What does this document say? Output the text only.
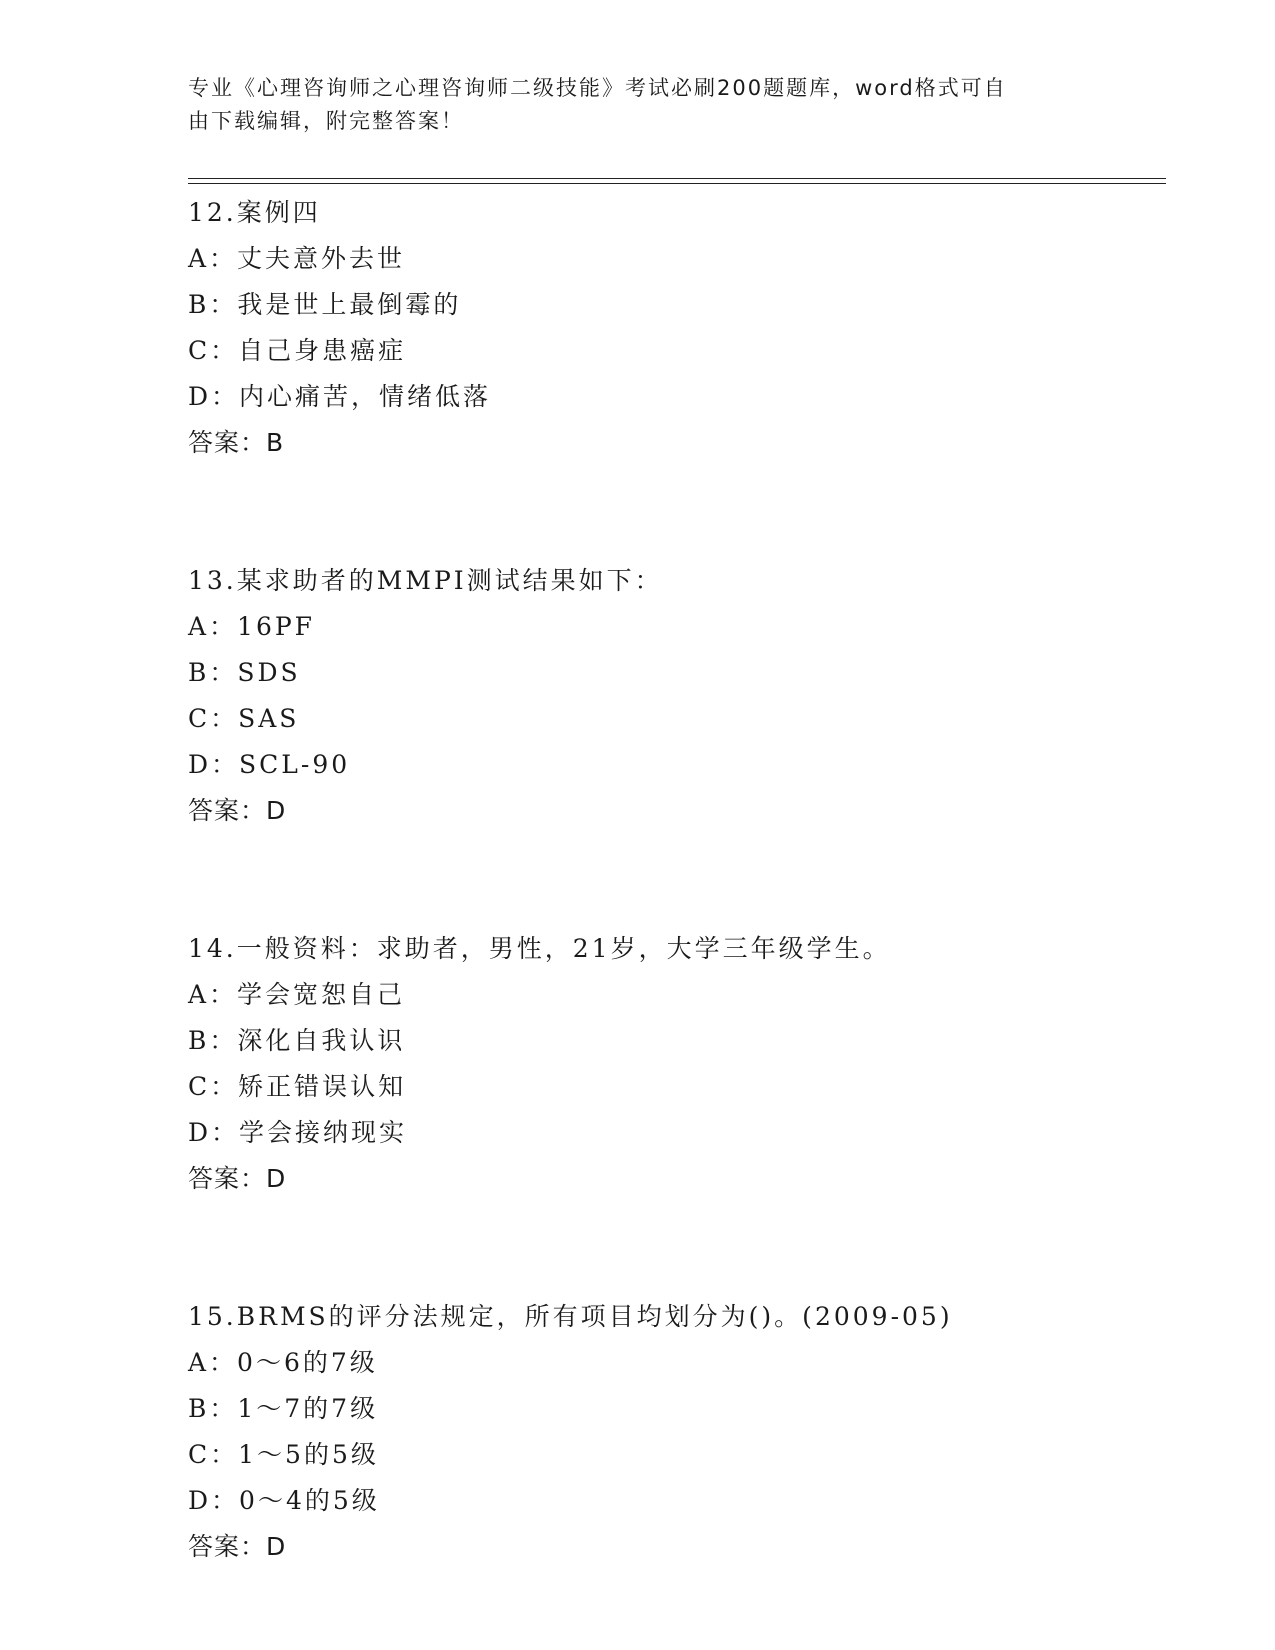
专业《心理咨询师之心理咨询师二级技能》考试必刷200题题库，word格式可自
由下载编辑，附完整答案！
12.案例四
A：丈夫意外去世
B：我是世上最倒霉的
C：自己身患癌症
D：内心痛苦，情绪低落
答案：B
13.某求助者的MMPI测试结果如下：
A：16PF
B：SDS
C：SAS
D：SCL-90
答案：D
14.一般资料：求助者，男性，21岁，大学三年级学生。
A：学会宽恕自己
B：深化自我认识
C：矫正错误认知
D：学会接纳现实
答案：D
15.BRMS的评分法规定，所有项目均划分为()。(2009-05)
A：0～6的7级
B：1～7的7级
C：1～5的5级
D：0～4的5级
答案：D
